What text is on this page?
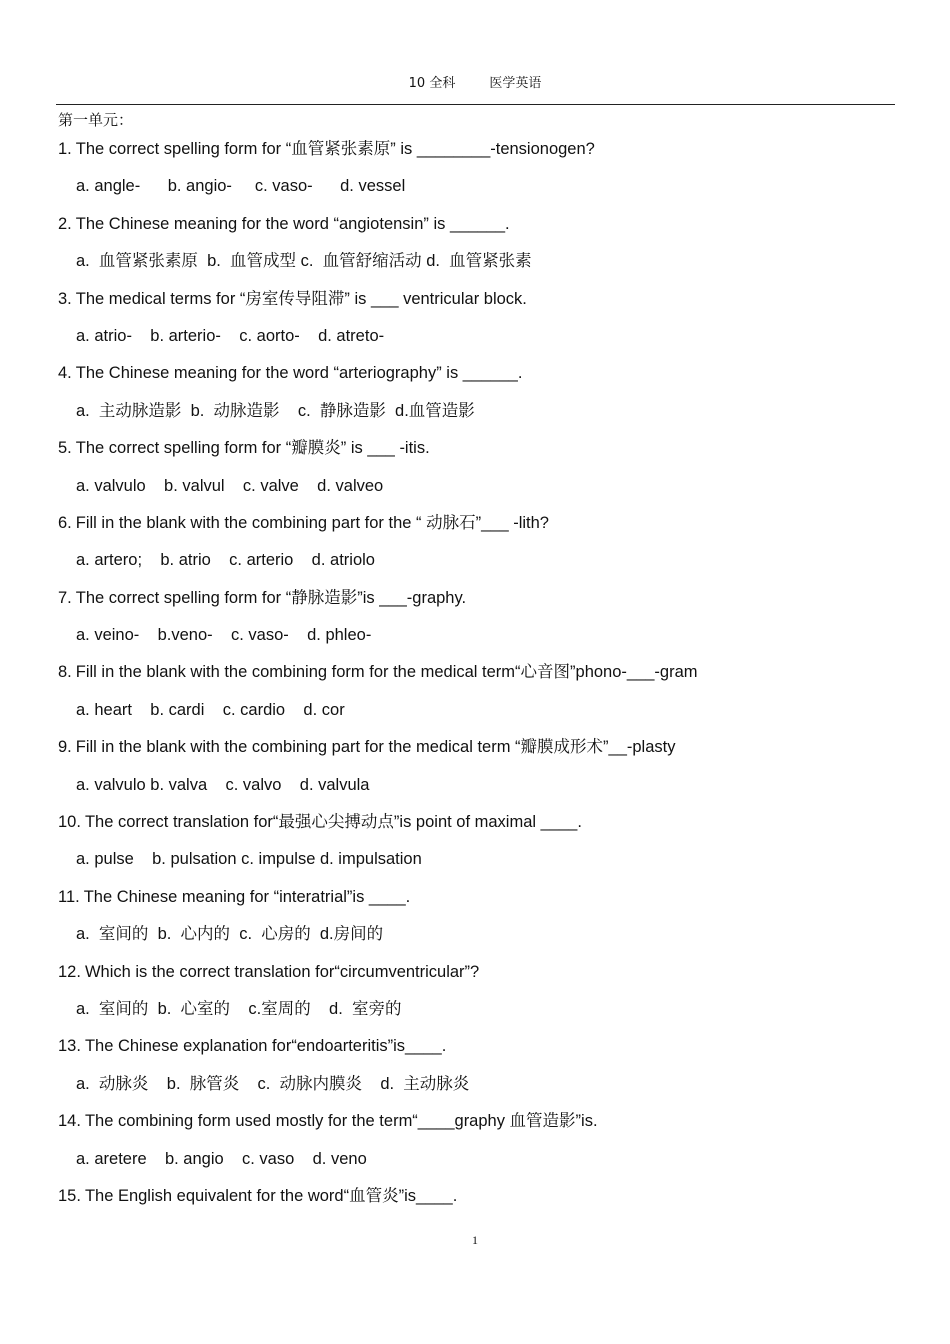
10 全科	医学英语
第一单元：
1. The correct spelling form for “血管紧张素原” is ________-tensionogen?
a. angle-      b. angio-     c. vaso-      d. vessel
2. The Chinese meaning for the word “angiotensin” is ______.
a.  血管紧张素原  b.  血管成型 c.  血管舒缩活动 d.  血管紧张素
3. The medical terms for “房室传导阻滞” is ___ ventricular block.
a. atrio-    b. arterio-    c. aorto-    d. atreto-
4. The Chinese meaning for the word “arteriography” is ______.
a.  主动脉造影  b.  动脉造影    c.  静脉造影  d.血管造影
5. The correct spelling form for “瓣膜炎” is ___ -itis.
a. valvulo    b. valvul    c. valve    d. valveo
6. Fill in the blank with the combining part for the “ 动脉石”___ -lith?
a. artero;    b. atrio    c. arterio    d. atriolo
7. The correct spelling form for “静脉造影”is ___-graphy.
a. veino-    b.veno-    c. vaso-    d. phleo-
8. Fill in the blank with the combining form for the medical term“心音图”phono-___-gram
a. heart    b. cardi    c. cardio    d. cor
9. Fill in the blank with the combining part for the medical term “瓣膜成形术”__-plasty
a. valvulo b. valva    c. valvo    d. valvula
10. The correct translation for“最强心尖搏动点”is point of maximal ____.
a. pulse    b. pulsation c. impulse d. impulsation
11. The Chinese meaning for “interatrial”is ____.
a.  室间的  b.  心内的  c.  心房的  d.房间的
12. Which is the correct translation for“circumventricular”?
a.  室间的  b.  心室的    c.室周的    d.  室旁的
13. The Chinese explanation for“endoarteritis”is____.
a.  动脉炎    b.  脉管炎    c.  动脉内膜炎    d.  主动脉炎
14. The combining form used mostly for the term“____graphy 血管造影”is.
a. aretere    b. angio    c. vaso    d. veno
15. The English equivalent for the word“血管炎”is____.
1
